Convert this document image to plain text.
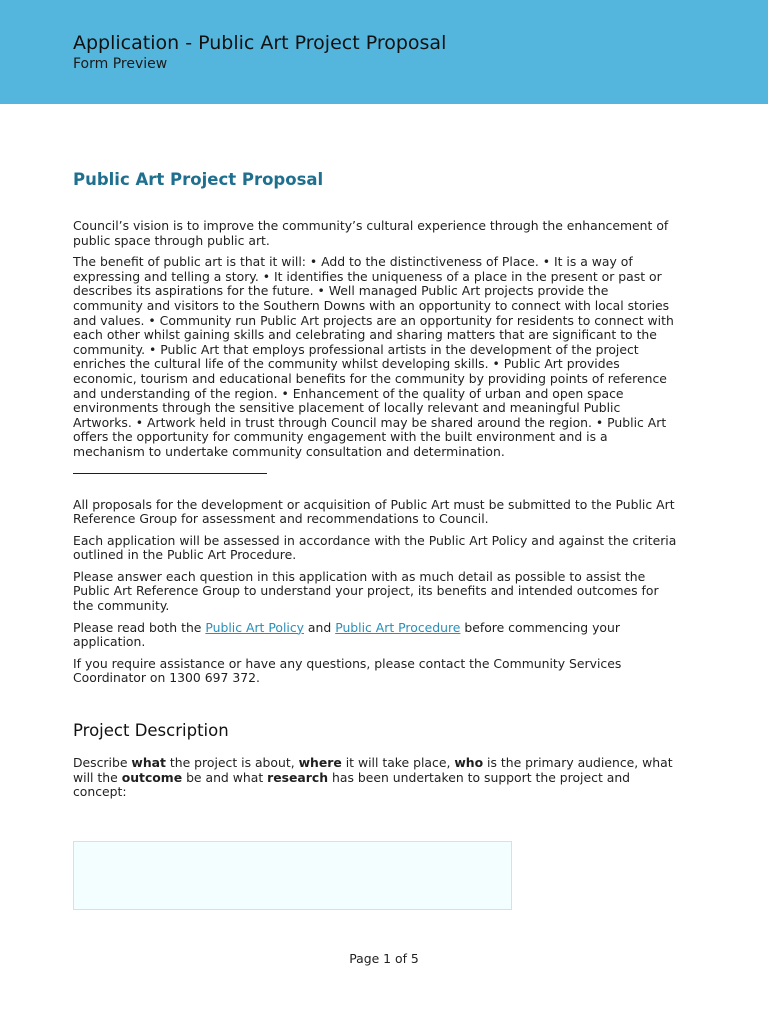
Application - Public Art Project Proposal
Form Preview
Public Art Project Proposal

Council’s vision is to improve the community’s cultural experience through the enhancement of public space through public art.

The benefit of public art is that it will: • Add to the distinctiveness of Place. • It is a way of expressing and telling a story. • It identifies the uniqueness of a place in the present or past or describes its aspirations for the future. • Well managed Public Art projects provide the community and visitors to the Southern Downs with an opportunity to connect with local stories and values. • Community run Public Art projects are an opportunity for residents to connect with each other whilst gaining skills and celebrating and sharing matters that are significant to the community. • Public Art that employs professional artists in the development of the project enriches the cultural life of the community whilst developing skills. • Public Art provides economic, tourism and educational benefits for the community by providing points of reference and understanding of the region. • Enhancement of the quality of urban and open space environments through the sensitive placement of locally relevant and meaningful Public Artworks. • Artwork held in trust through Council may be shared around the region. • Public Art offers the opportunity for community engagement with the built environment and is a mechanism to undertake community consultation and determination.

All proposals for the development or acquisition of Public Art must be submitted to the Public Art Reference Group for assessment and recommendations to Council.

Each application will be assessed in accordance with the Public Art Policy and against the criteria outlined in the Public Art Procedure.

Please answer each question in this application with as much detail as possible to assist the Public Art Reference Group to understand your project, its benefits and intended outcomes for the community.

Please read both the Public Art Policy and Public Art Procedure before commencing your application.

If you require assistance or have any questions, please contact the Community Services Coordinator on 1300 697 372.

Project Description

Describe what the project is about, where it will take place, who is the primary audience, what will the outcome be and what research has been undertaken to support the project and concept:

Page 1 of 5
